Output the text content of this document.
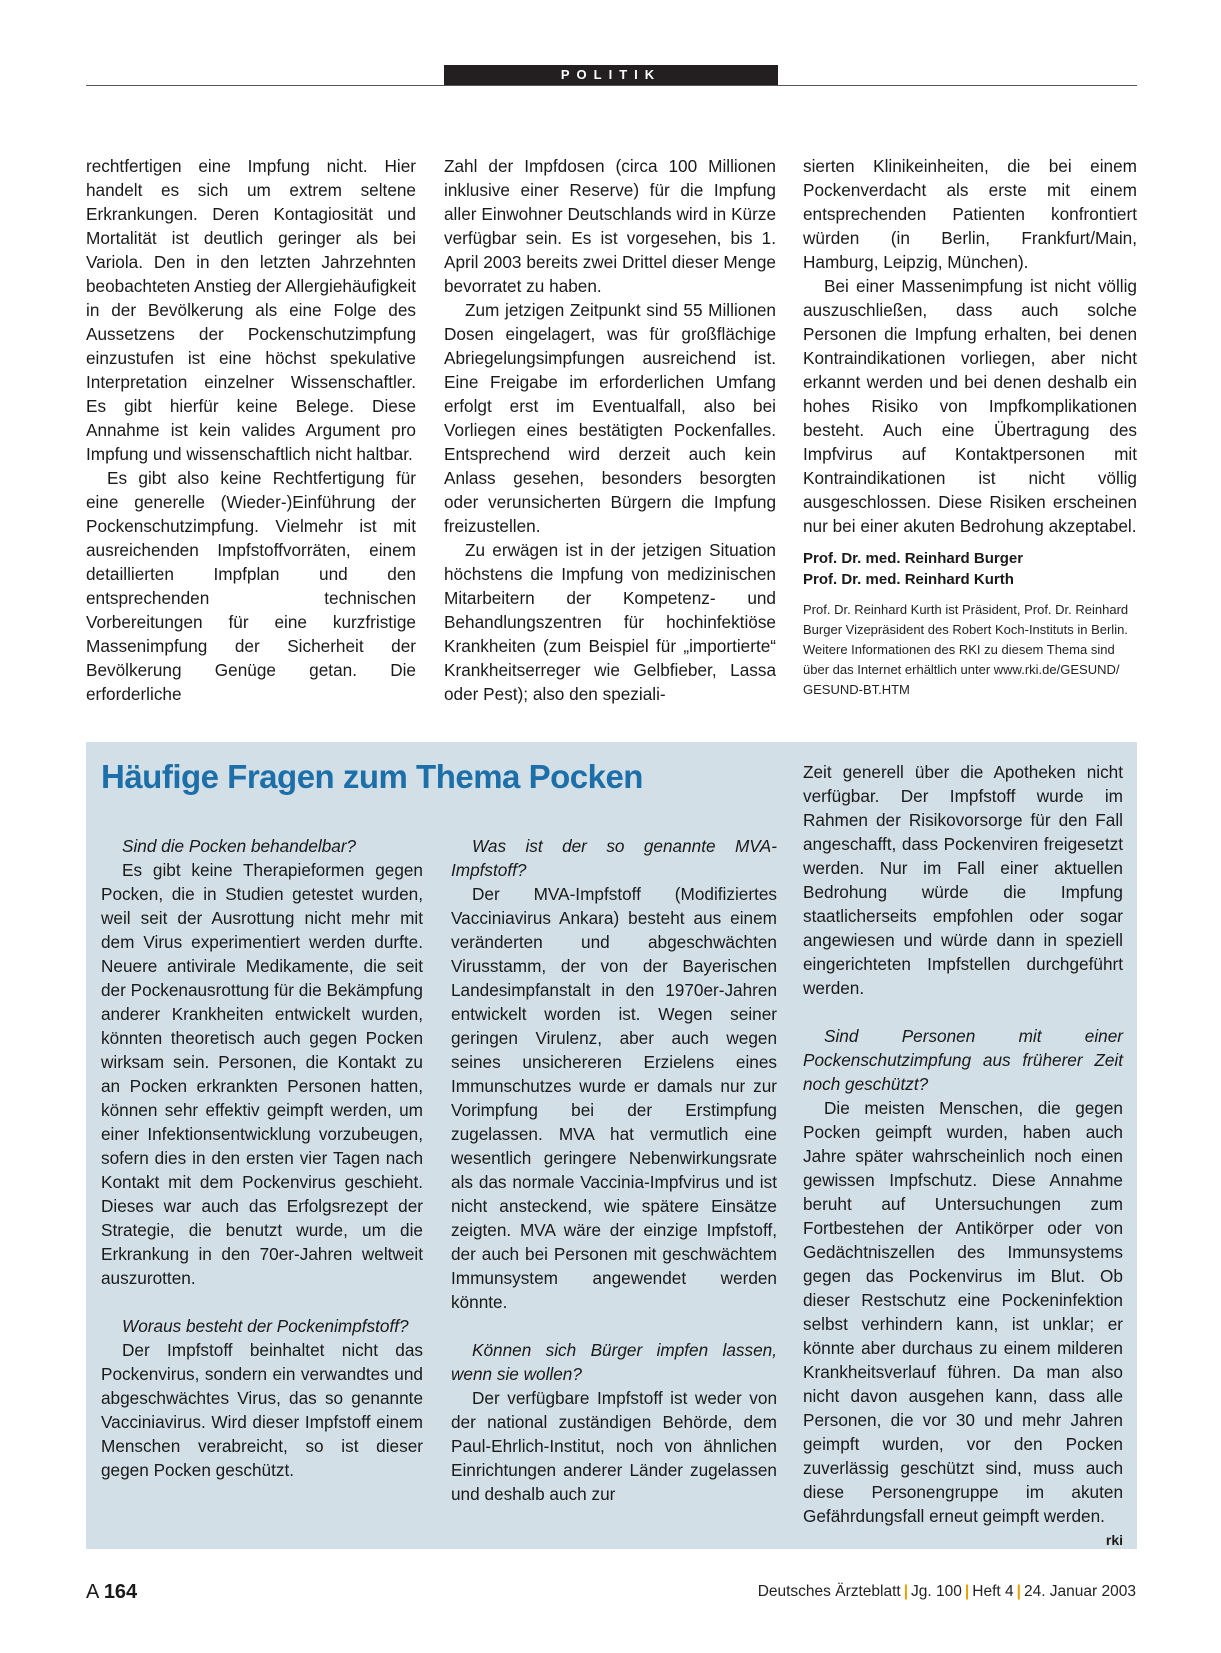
POLITIK

rechtfertigen eine Impfung nicht. Hier handelt es sich um extrem seltene Erkrankungen. Deren Kontagiosität und Mortalität ist deutlich geringer als bei Variola. Den in den letzten Jahrzehnten beobachteten Anstieg der Allergiehäufigkeit in der Bevölkerung als eine Folge des Aussetzens der Pockenschutzimpfung einzustufen ist eine höchst spekulative Interpretation einzelner Wissenschaftler. Es gibt hierfür keine Belege. Diese Annahme ist kein valides Argument pro Impfung und wissenschaftlich nicht haltbar.

Es gibt also keine Rechtfertigung für eine generelle (Wieder-)Einführung der Pockenschutzimpfung. Vielmehr ist mit ausreichenden Impfstoffvorräten, einem detaillierten Impfplan und den entsprechenden technischen Vorbereitungen für eine kurzfristige Massenimpfung der Sicherheit der Bevölkerung Genüge getan. Die erforderliche

Zahl der Impfdosen (circa 100 Millionen inklusive einer Reserve) für die Impfung aller Einwohner Deutschlands wird in Kürze verfügbar sein. Es ist vorgesehen, bis 1. April 2003 bereits zwei Drittel dieser Menge bevorratet zu haben.

Zum jetzigen Zeitpunkt sind 55 Millionen Dosen eingelagert, was für großflächige Abriegelungsimpfungen ausreichend ist. Eine Freigabe im erforderlichen Umfang erfolgt erst im Eventualfall, also bei Vorliegen eines bestätigten Pockenfalles. Entsprechend wird derzeit auch kein Anlass gesehen, besonders besorgten oder verunsicherten Bürgern die Impfung freizustellen.

Zu erwägen ist in der jetzigen Situation höchstens die Impfung von medizinischen Mitarbeitern der Kompetenz- und Behandlungszentren für hochinfektiöse Krankheiten (zum Beispiel für „importierte“ Krankheitserreger wie Gelbfieber, Lassa oder Pest); also den speziali-

sierten Klinikeinheiten, die bei einem Pockenverdacht als erste mit einem entsprechenden Patienten konfrontiert würden (in Berlin, Frankfurt/Main, Hamburg, Leipzig, München).

Bei einer Massenimpfung ist nicht völlig auszuschließen, dass auch solche Personen die Impfung erhalten, bei denen Kontraindikationen vorliegen, aber nicht erkannt werden und bei denen deshalb ein hohes Risiko von Impfkomplikationen besteht. Auch eine Übertragung des Impfvirus auf Kontaktpersonen mit Kontraindikationen ist nicht völlig ausgeschlossen. Diese Risiken erscheinen nur bei einer akuten Bedrohung akzeptabel.

Prof. Dr. med. Reinhard Burger
Prof. Dr. med. Reinhard Kurth
Prof. Dr. Reinhard Kurth ist Präsident, Prof. Dr. Reinhard Burger Vizepräsident des Robert Koch-Instituts in Berlin. Weitere Informationen des RKI zu diesem Thema sind über das Internet erhältlich unter www.rki.de/GESUND/ GESUND-BT.HTM

Sind die Pocken behandelbar?

Es gibt keine Therapieformen gegen Pocken, die in Studien getestet wurden, weil seit der Ausrottung nicht mehr mit dem Virus experimentiert werden durfte. Neuere antivirale Medikamente, die seit der Pockenausrottung für die Bekämpfung anderer Krankheiten entwickelt wurden, könnten theoretisch auch gegen Pocken wirksam sein. Personen, die Kontakt zu an Pocken erkrankten Personen hatten, können sehr effektiv geimpft werden, um einer Infektionsentwicklung vorzubeugen, sofern dies in den ersten vier Tagen nach Kontakt mit dem Pockenvirus geschieht. Dieses war auch das Erfolgsrezept der Strategie, die benutzt wurde, um die Erkrankung in den 70er-Jahren weltweit auszurotten.

Woraus besteht der Pockenimpfstoff?

Der Impfstoff beinhaltet nicht das Pockenvirus, sondern ein verwandtes und abgeschwächtes Virus, das so genannte Vacciniavirus. Wird dieser Impfstoff einem Menschen verabreicht, so ist dieser gegen Pocken geschützt.

Was ist der so genannte MVA-Impfstoff?

Der MVA-Impfstoff (Modifiziertes Vacciniavirus Ankara) besteht aus einem veränderten und abgeschwächten Virusstamm, der von der Bayerischen Landesimpfanstalt in den 1970er-Jahren entwickelt worden ist. Wegen seiner geringen Virulenz, aber auch wegen seines unsichereren Erzielens eines Immunschutzes wurde er damals nur zur Vorimpfung bei der Erstimpfung zugelassen. MVA hat vermutlich eine wesentlich geringere Nebenwirkungsrate als das normale Vaccinia-Impfvirus und ist nicht ansteckend, wie spätere Einsätze zeigten. MVA wäre der einzige Impfstoff, der auch bei Personen mit geschwächtem Immunsystem angewendet werden könnte.

Können sich Bürger impfen lassen, wenn sie wollen?

Der verfügbare Impfstoff ist weder von der national zuständigen Behörde, dem Paul-Ehrlich-Institut, noch von ähnlichen Einrichtungen anderer Länder zugelassen und deshalb auch zur

Zeit generell über die Apotheken nicht verfügbar. Der Impfstoff wurde im Rahmen der Risikovorsorge für den Fall angeschafft, dass Pockenviren freigesetzt werden. Nur im Fall einer aktuellen Bedrohung würde die Impfung staatlicherseits empfohlen oder sogar angewiesen und würde dann in speziell eingerichteten Impfstellen durchgeführt werden.

Sind Personen mit einer Pockenschutzimpfung aus früherer Zeit noch geschützt?

Die meisten Menschen, die gegen Pocken geimpft wurden, haben auch Jahre später wahrscheinlich noch einen gewissen Impfschutz. Diese Annahme beruht auf Untersuchungen zum Fortbestehen der Antikörper oder von Gedächtniszellen des Immunsystems gegen das Pockenvirus im Blut. Ob dieser Restschutz eine Pockeninfektion selbst verhindern kann, ist unklar; er könnte aber durchaus zu einem milderen Krankheitsverlauf führen. Da man also nicht davon ausgehen kann, dass alle Personen, die vor 30 und mehr Jahren geimpft wurden, vor den Pocken zuverlässig geschützt sind, muss auch diese Personengruppe im akuten Gefährdungsfall erneut geimpft werden.
rki

Häufige Fragen zum Thema Pocken
A 164	Deutsches Ärzteblatt | Jg. 100 | Heft 4 | 24. Januar 2003
